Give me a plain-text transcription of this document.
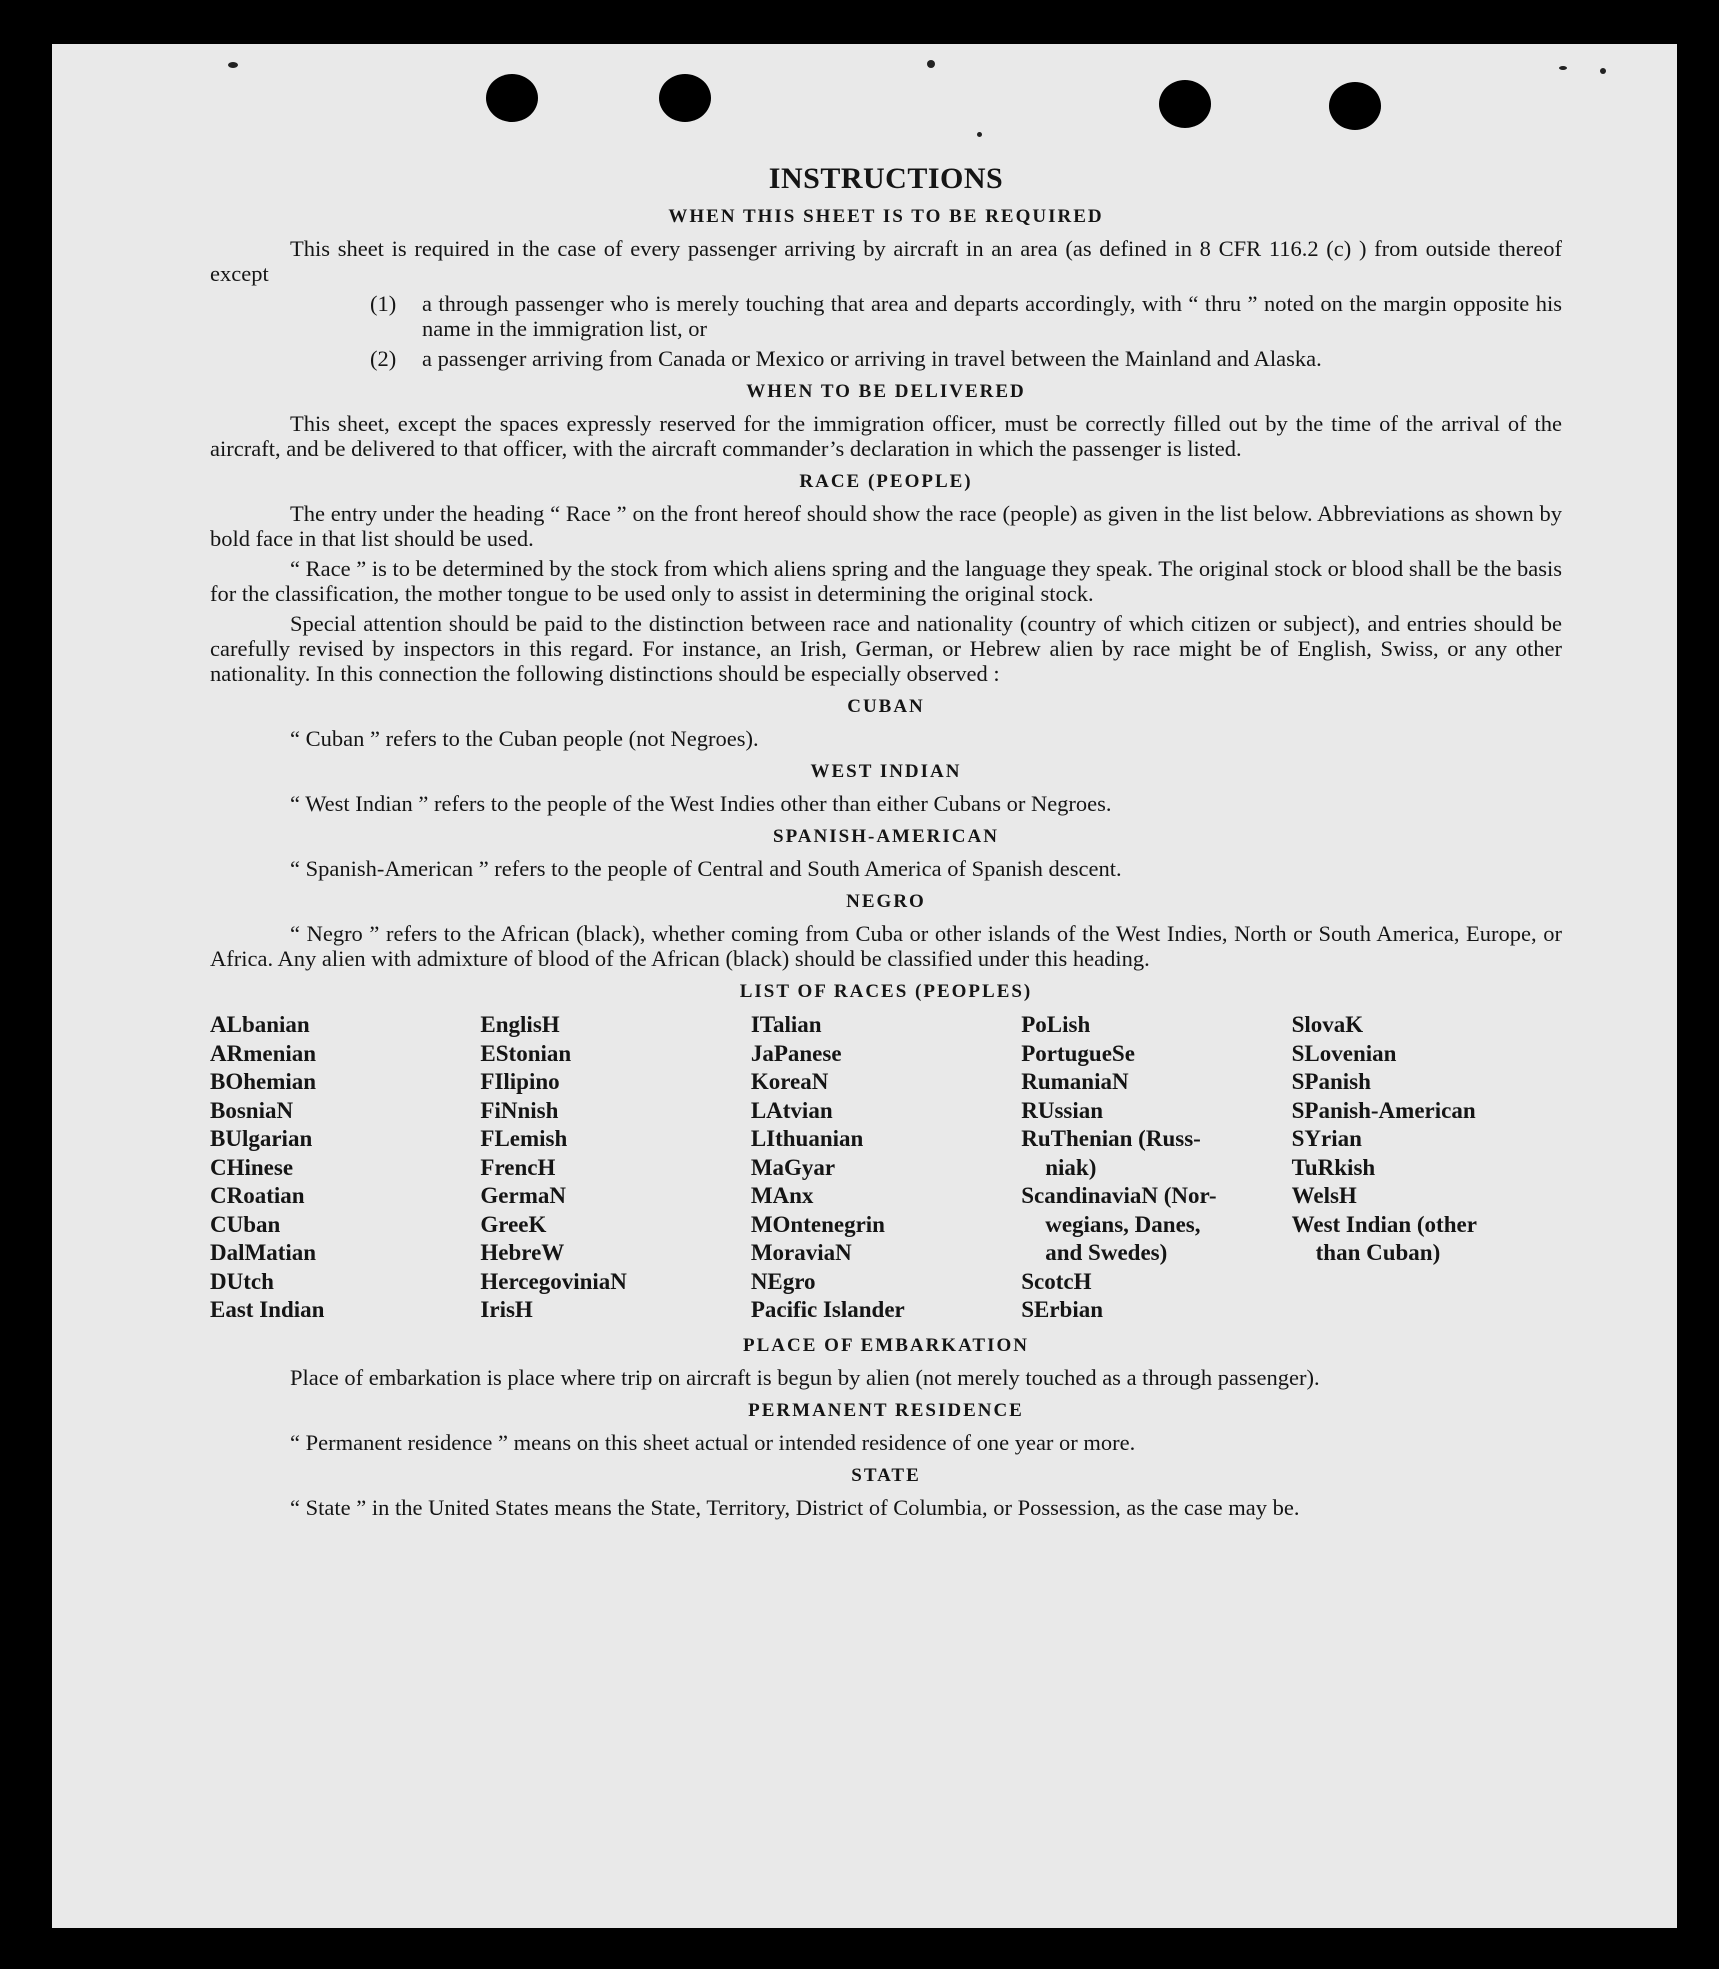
INSTRUCTIONS
WHEN THIS SHEET IS TO BE REQUIRED

This sheet is required in the case of every passenger arriving by aircraft in an area (as defined in 8 CFR 116.2 (c) ) from outside thereof except

(1)	a through passenger who is merely touching that area and departs accordingly, with “ thru ” noted on the margin opposite his name in the immigration list, or
(2)	a passenger arriving from Canada or Mexico or arriving in travel between the Mainland and Alaska.
WHEN TO BE DELIVERED

This sheet, except the spaces expressly reserved for the immigration officer, must be correctly filled out by the time of the arrival of the aircraft, and be delivered to that officer, with the aircraft commander’s declaration in which the passenger is listed.

RACE (PEOPLE)

The entry under the heading “ Race ” on the front hereof should show the race (people) as given in the list below. Abbreviations as shown by bold face in that list should be used.

“ Race ” is to be determined by the stock from which aliens spring and the language they speak. The original stock or blood shall be the basis for the classification, the mother tongue to be used only to assist in determining the original stock.

Special attention should be paid to the distinction between race and nationality (country of which citizen or subject), and entries should be carefully revised by inspectors in this regard. For instance, an Irish, German, or Hebrew alien by race might be of English, Swiss, or any other nationality. In this connection the following distinctions should be especially observed :

CUBAN
“ Cuban ” refers to the Cuban people (not Negroes).
WEST INDIAN
“ West Indian ” refers to the people of the West Indies other than either Cubans or Negroes.
SPANISH-AMERICAN
“ Spanish-American ” refers to the people of Central and South America of Spanish descent.
NEGRO

“ Negro ” refers to the African (black), whether coming from Cuba or other islands of the West Indies, North or South America, Europe, or Africa. Any alien with admixture of blood of the African (black) should be classified under this heading.

LIST OF RACES (PEOPLES)
ALbanian
ARmenian
BOhemian
BosniaN
BUlgarian
CHinese
CRoatian
CUban
DalMatian
DUtch
East Indian
EnglisH
EStonian
FIlipino
FiNnish
FLemish
FrencH
GermaN
GreeK
HebreW
HercegoviniaN
IrisH
ITalian
JaPanese
KoreaN
LAtvian
LIthuanian
MaGyar
MAnx
MOntenegrin
MoraviaN
NEgro
Pacific Islander
PoLish
PortugueSe
RumaniaN
RUssian
RuThenian (Russ-
niak)
ScandinaviaN (Nor-
wegians, Danes,
and Swedes)
ScotcH
SErbian
SlovaK
SLovenian
SPanish
SPanish-American
SYrian
TuRkish
WelsH
West Indian (other
than Cuban)
PLACE OF EMBARKATION

Place of embarkation is place where trip on aircraft is begun by alien (not merely touched as a through passenger).

PERMANENT RESIDENCE
“ Permanent residence ” means on this sheet actual or intended residence of one year or more.
STATE

“ State ” in the United States means the State, Territory, District of Columbia, or Possession, as the case may be.
